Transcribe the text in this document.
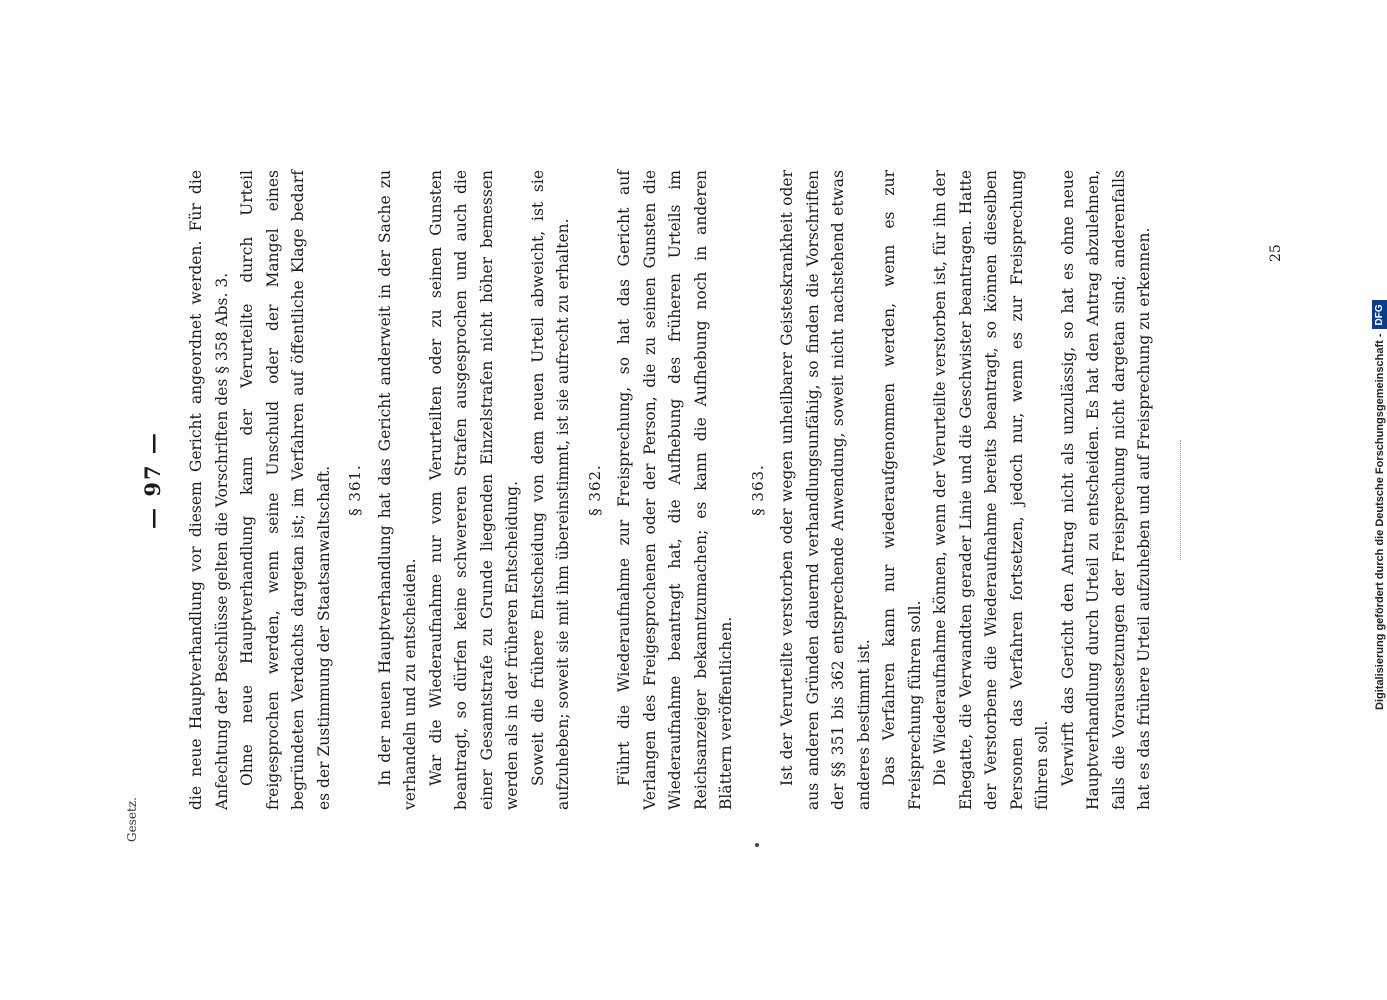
— 97 — die neue Hauptverhandlung vor diesem Gericht angeordnet werden. Für die Anfechtung der Beschlüsse gelten die Vorschriften des § 358 Abs. 3. Ohne neue Hauptverhandlung kann der Verurteilte durch Urteil freigesprochen werden, wenn seine Unschuld oder der Mangel eines begründeten Verdachts dargetan ist; im Verfahren auf öffentliche Klage bedarf es der Zustimmung der Staatsanwaltschaft. § 361. In der neuen Hauptverhandlung hat das Gericht anderweit in der Sache zu verhandeln und zu entscheiden. War die Wiederaufnahme nur vom Verurteilten oder zu seinen Gunsten beantragt, so dürfen keine schwereren Strafen ausgesprochen und auch die einer Gesamtstrafe zu Grunde liegenden Einzelstrafen nicht höher bemessen werden als in der früheren Entscheidung. Soweit die frühere Entscheidung von dem neuen Urteil abweicht, ist sie aufzuheben; soweit sie mit ihm übereinstimmt, ist sie aufrecht zu erhalten. § 362. Führt die Wiederaufnahme zur Freisprechung, so hat das Gericht auf Verlangen des Freigesprochenen oder der Person, die zu seinen Gunsten die Wiederaufnahme beantragt hat, die Aufhebung des früheren Urteils im Reichsanzeiger bekanntzumachen; es kann die Aufhebung noch in anderen Blättern veröffentlichen.

§ 363. Ist der Verurteilte verstorben oder wegen unheilbarer Geisteskrankheit oder aus anderen Gründen dauernd verhandlungsunfähig, so finden die Vorschriften der §§ 351 bis 362 entsprechende Anwendung, soweit nicht nachstehend etwas anderes bestimmt ist. Das Verfahren kann nur wiederaufgenommen werden, wenn es zur Freisprechung führen soll. Die Wiederaufnahme können, wenn der Verurteilte verstorben ist, für ihn der Ehegatte, die Verwandten gerader Linie und die Geschwister beantragen. Hatte der Verstorbene die Wiederaufnahme bereits beantragt, so können dieselben Personen das Verfahren fortsetzen, jedoch nur, wenn es zur Freisprechung führen soll. Verwirft das Gericht den Antrag nicht als unzulässig, so hat es ohne neue Hauptverhandlung durch Urteil zu entscheiden. Es hat den Antrag abzulehnen, falls die Voraussetzungen der Freisprechung nicht dargetan sind; anderenfalls hat es das frühere Urteil aufzuheben und auf Freisprechung zu erkennen.

Gesetz.
25
Digitalisierung gefördert durch die Deutsche Forschungsgemeinschaft -
DFG
